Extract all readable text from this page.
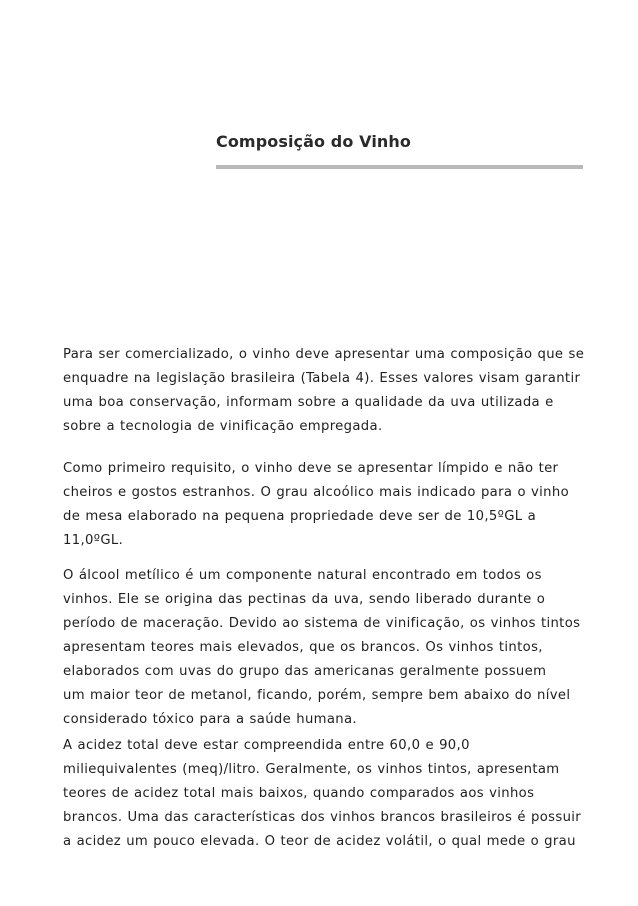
Composição do Vinho
Para ser comercializado, o vinho deve apresentar uma composição que se
enquadre na legislação brasileira (Tabela 4). Esses valores visam garantir
uma boa conservação, informam sobre a qualidade da uva utilizada e
sobre a tecnologia de vinificação empregada.
Como primeiro requisito, o vinho deve se apresentar límpido e não ter
cheiros e gostos estranhos. O grau alcoólico mais indicado para o vinho
de mesa elaborado na pequena propriedade deve ser de 10,5ºGL a
11,0ºGL.
O álcool metílico é um componente natural encontrado em todos os
vinhos. Ele se origina das pectinas da uva, sendo liberado durante o
período de maceração. Devido ao sistema de vinificação, os vinhos tintos
apresentam teores mais elevados, que os brancos. Os vinhos tintos,
elaborados com uvas do grupo das americanas geralmente possuem
um maior teor de metanol, ficando, porém, sempre bem abaixo do nível
considerado tóxico para a saúde humana.
A acidez total deve estar compreendida entre 60,0 e 90,0
miliequivalentes (meq)/litro. Geralmente, os vinhos tintos, apresentam
teores de acidez total mais baixos, quando comparados aos vinhos
brancos. Uma das características dos vinhos brancos brasileiros é possuir
a acidez um pouco elevada. O teor de acidez volátil, o qual mede o grau
